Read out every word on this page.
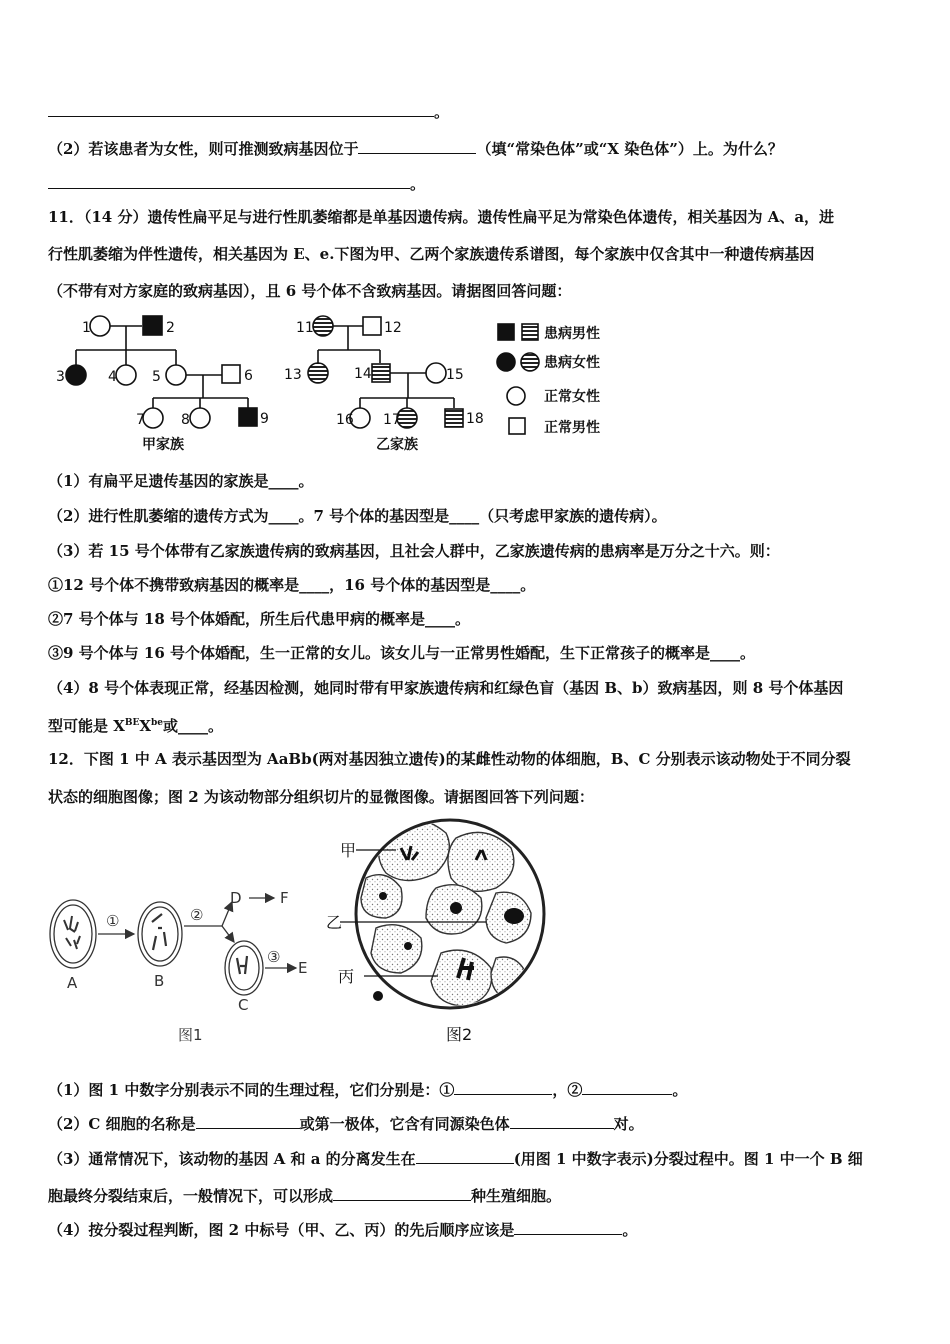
。
（2）若该患者为女性，则可推测致病基因位于	（填“常染色体”或“X 染色体”）上。为什么？
。
11．（14 分）遗传性扁平足与进行性肌萎缩都是单基因遗传病。遗传性扁平足为常染色体遗传，相关基因为 A、a，进
行性肌萎缩为伴性遗传，相关基因为 E、e.下图为甲、乙两个家族遗传系谱图，每个家族中仅含其中一种遗传病基因
（不带有对方家庭的致病基因），且 6 号个体不含致病基因。请据图回答问题：
1	2
3	4	5	6
7	8	9
甲家族
11	12
13	14	15
16 17	18
乙家族
患病男性
患病女性
正常女性
正常男性
（1）有扁平足遗传基因的家族是____。
（2）进行性肌萎缩的遗传方式为____。7 号个体的基因型是____（只考虑甲家族的遗传病）。
（3）若 15 号个体带有乙家族遗传病的致病基因，且社会人群中，乙家族遗传病的患病率是万分之十六。则：
①12 号个体不携带致病基因的概率是____，16 号个体的基因型是____。
②7 号个体与 18 号个体婚配，所生后代患甲病的概率是____。
③9 号个体与 16 号个体婚配，生一正常的女儿。该女儿与一正常男性婚配，生下正常孩子的概率是____。
（4）8 号个体表现正常，经基因检测，她同时带有甲家族遗传病和红绿色盲（基因 B、b）致病基因，则 8 号个体基因
型可能是 $X^{BE}X^{be}$或____。
12．下图 1 中 A 表示基因型为 AaBb(两对基因独立遗传)的某雌性动物的体细胞，B、C 分别表示该动物处于不同分裂
状态的细胞图像；图 2 为该动物部分组织切片的显微图像。请据图回答下列问题：
①	②
③
A	B
C
D
E
F
图1
甲
乙
丙
图2
（1）图 1 中数字分别表示不同的生理过程，它们分别是：①	，②	。
（2）C 细胞的名称是	或第一极体，它含有同源染色体	对。
（3）通常情况下，该动物的基因 A 和 a 的分离发生在	(用图 1 中数字表示)分裂过程中。图 1 中一个 B 细
胞最终分裂结束后，一般情况下，可以形成	种生殖细胞。
（4）按分裂过程判断，图 2 中标号（甲、乙、丙）的先后顺序应该是	。
